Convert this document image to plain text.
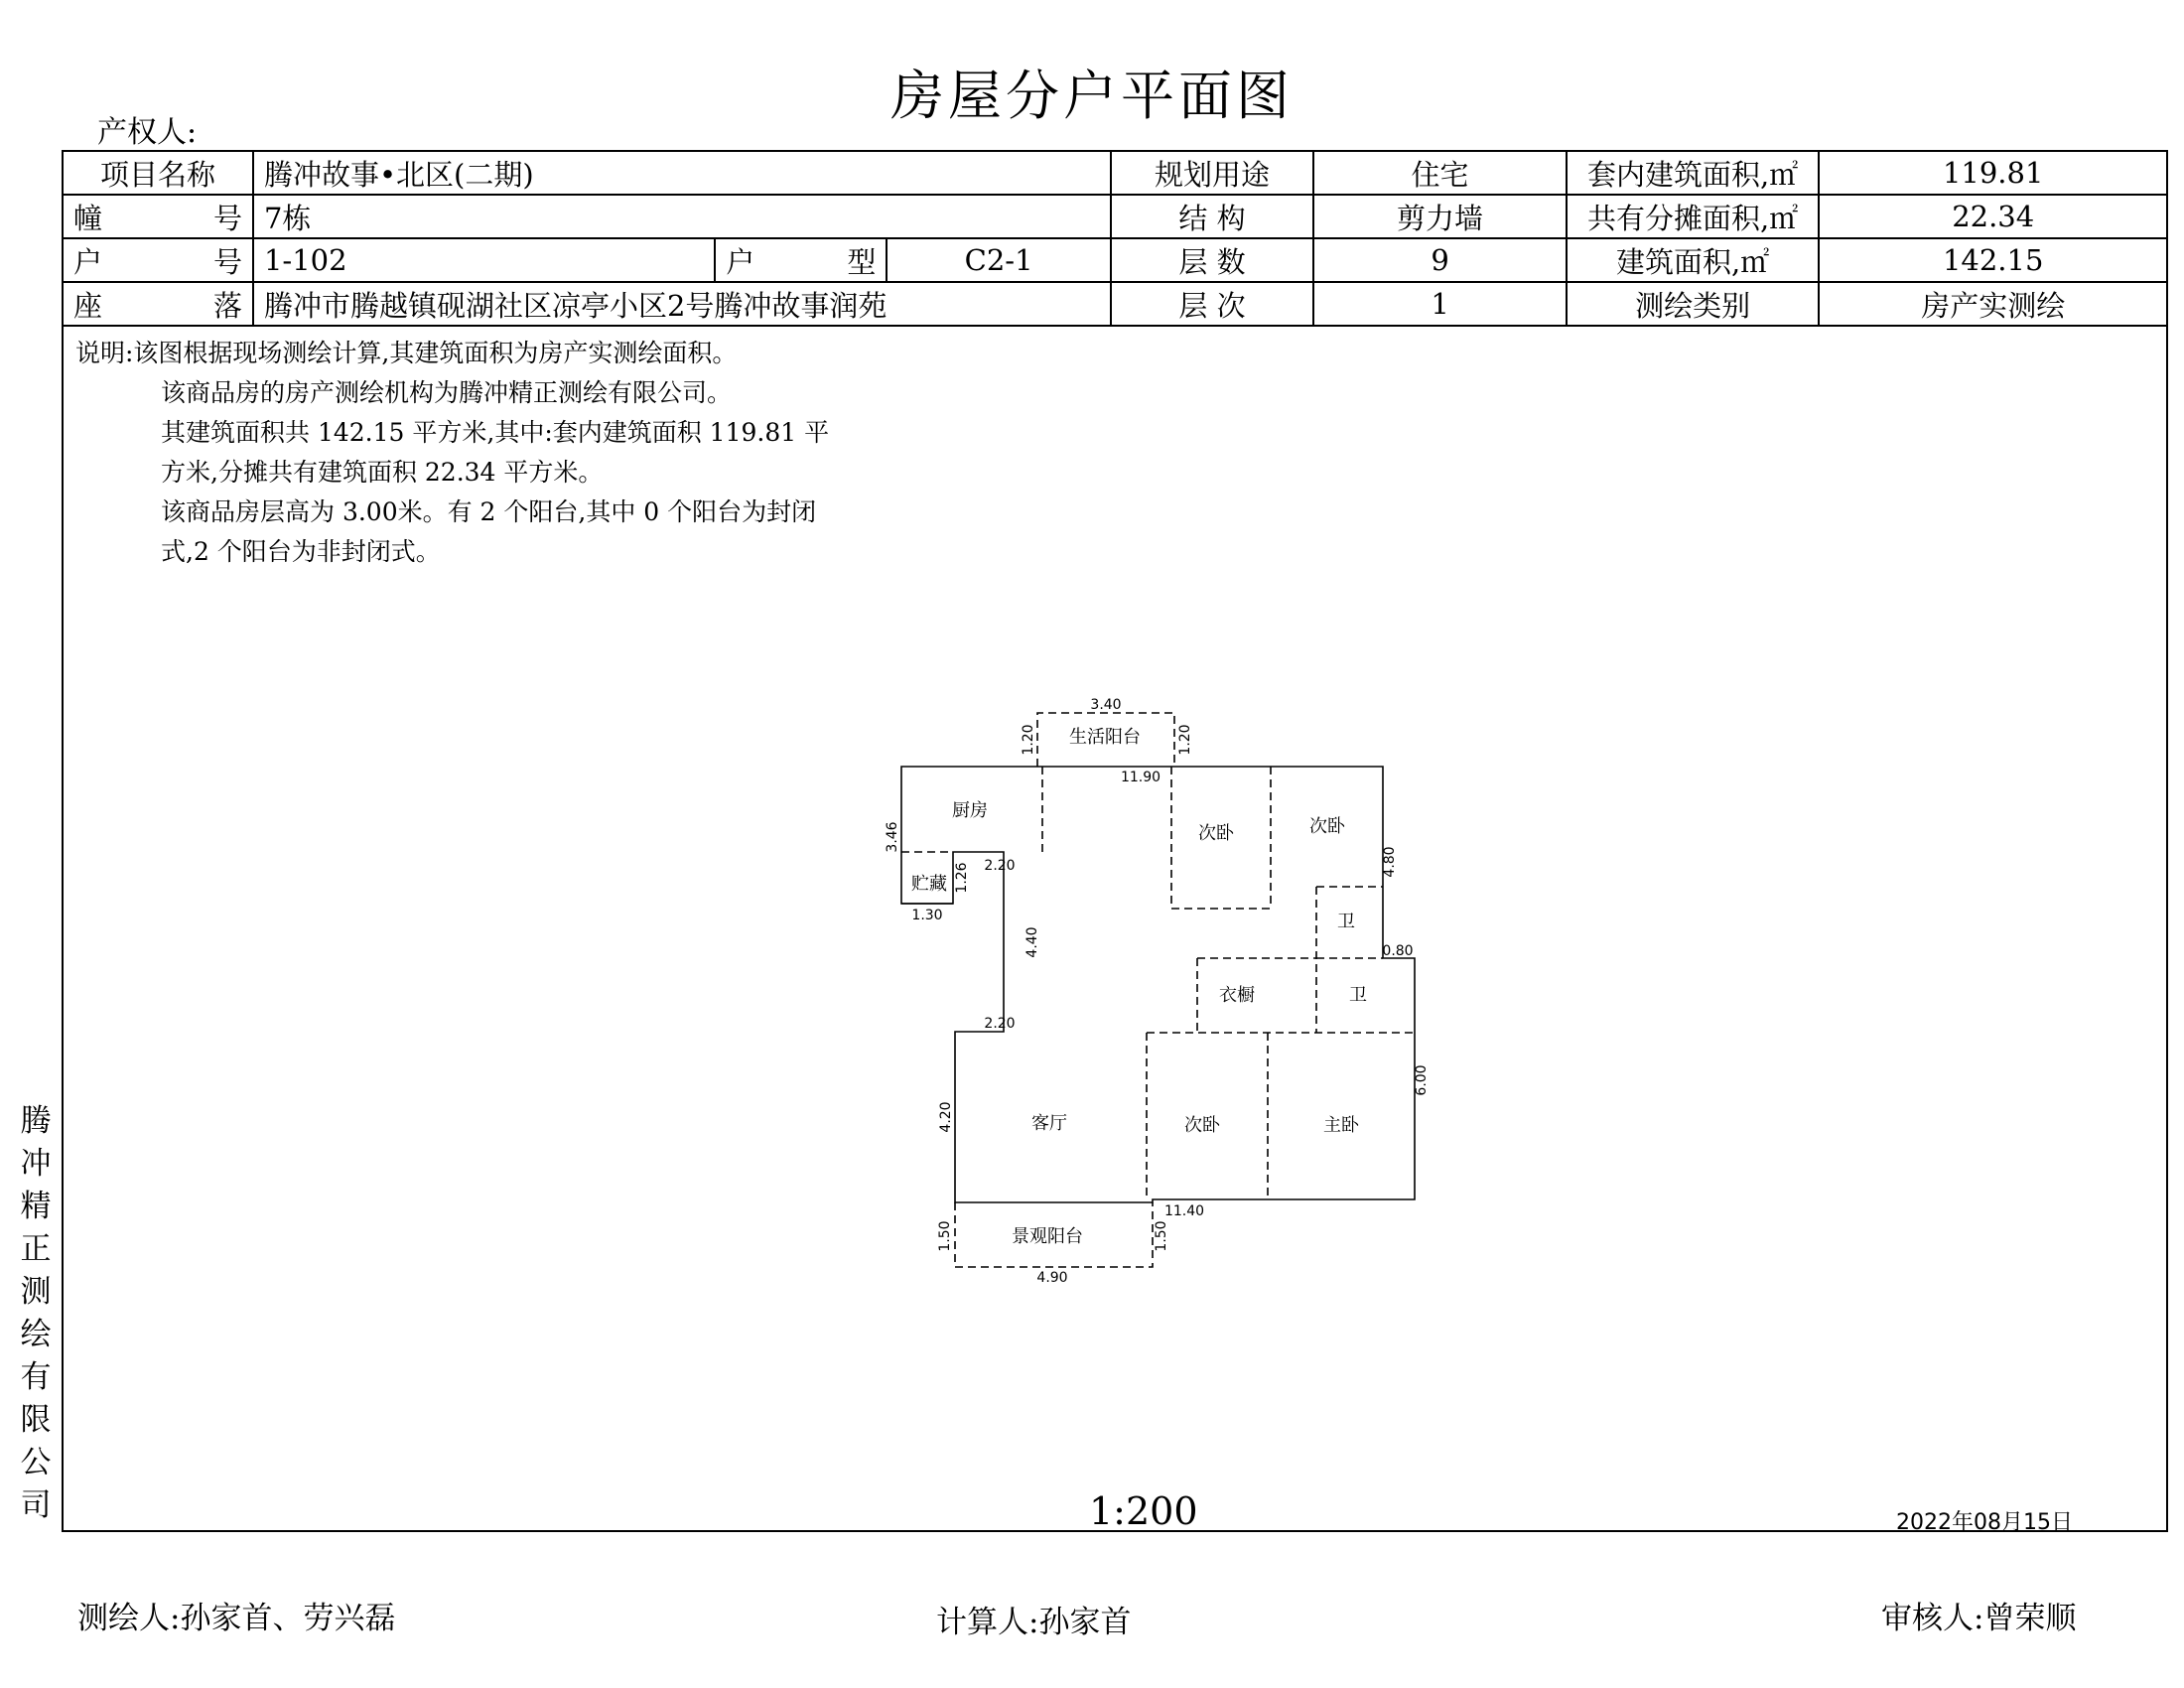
房屋分户平面图
产权人:
项目名称	腾冲故事•北区(二期)			规划用途	住宅	套内建筑面积,㎡	119.81
幢　号	7栋			结 构	剪力墙	共有分摊面积,㎡	22.34
户　号	1-102	户　型	C2-1	层 数	9	建筑面积,㎡	142.15
座　落	腾冲市腾越镇砚湖社区凉亭小区2号腾冲故事润苑			层 次	1	测绘类别	房产实测绘
说明:该图根据现场测绘计算,其建筑面积为房产实测绘面积。
该商品房的房产测绘机构为腾冲精正测绘有限公司。
其建筑面积共 142.15 平方米,其中:套内建筑面积 119.81 平
方米,分摊共有建筑面积 22.34 平方米。
该商品房层高为 3.00米。有 2 个阳台,其中 0 个阳台为封闭
式,2 个阳台为非封闭式。
腾冲精正测绘有限公司
生活阳台
厨房
贮藏
次卧	次卧
卫
卫
衣橱
客厅	次卧	主卧
景观阳台
3.40
11.90
2.20
1.30
2.20
0.80
11.40
4.90
1.20	1.20
3.46
1.26
4.40
4.20
4.80
6.00
1.50	1.50
1:200	2022年08月15日
测绘人:孙家首、劳兴磊	计算人:孙家首	审核人:曾荣顺
